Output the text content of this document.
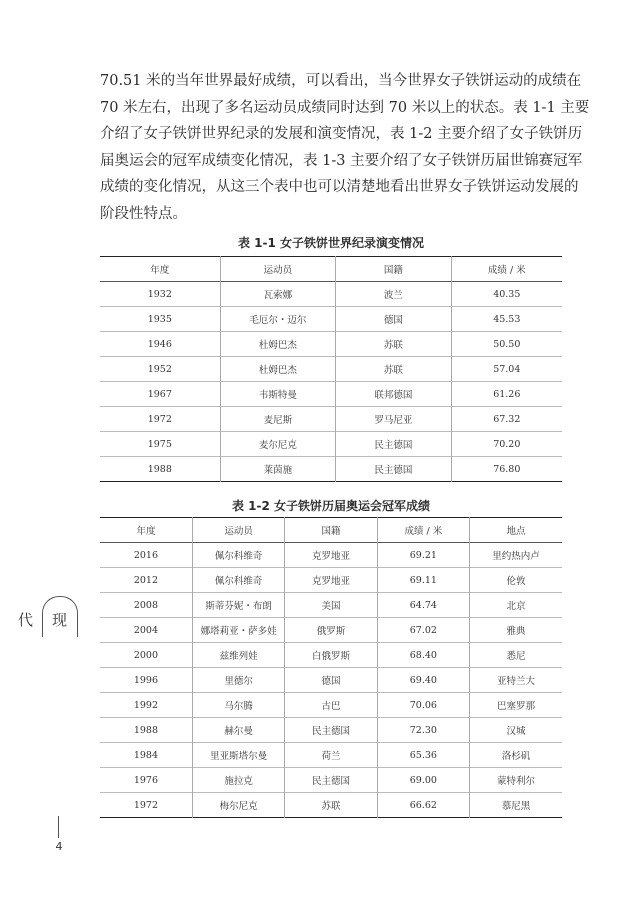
70.51 米的当年世界最好成绩，可以看出，当今世界女子铁饼运动的成绩在
70 米左右，出现了多名运动员成绩同时达到 70 米以上的状态。表 1-1 主要
介绍了女子铁饼世界纪录的发展和演变情况，表 1-2 主要介绍了女子铁饼历
届奥运会的冠军成绩变化情况，表 1-3 主要介绍了女子铁饼历届世锦赛冠军
成绩的变化情况，从这三个表中也可以清楚地看出世界女子铁饼运动发展的
阶段性特点。
表 1-1 女子铁饼世界纪录演变情况
年度	运动员	国籍	成绩 / 米
1932	瓦索娜	波兰	40.35
1935	毛厄尔・迈尔	德国	45.53
1946	杜姆巴杰	苏联	50.50
1952	杜姆巴杰	苏联	57.04
1967	韦斯特曼	联邦德国	61.26
1972	麦尼斯	罗马尼亚	67.32
1975	麦尔尼克	民主德国	70.20
1988	莱茵施	民主德国	76.80
表 1-2 女子铁饼历届奥运会冠军成绩
年度	运动员	国籍	成绩 / 米	地点
2016	佩尔科维奇	克罗地亚	69.21	里约热内卢
2012	佩尔科维奇	克罗地亚	69.11	伦敦
2008	斯蒂芬妮・布朗	美国	64.74	北京
2004	娜塔莉亚・萨多娃	俄罗斯	67.02	雅典
2000	兹维列娃	白俄罗斯	68.40	悉尼
1996	里德尔	德国	69.40	亚特兰大
1992	马尔腾	古巴	70.06	巴塞罗那
1988	赫尔曼	民主德国	72.30	汉城
1984	里亚斯塔尔曼	荷兰	65.36	洛杉矶
1976	施拉克	民主德国	69.00	蒙特利尔
1972	梅尔尼克	苏联	66.62	慕尼黑
现代
4
